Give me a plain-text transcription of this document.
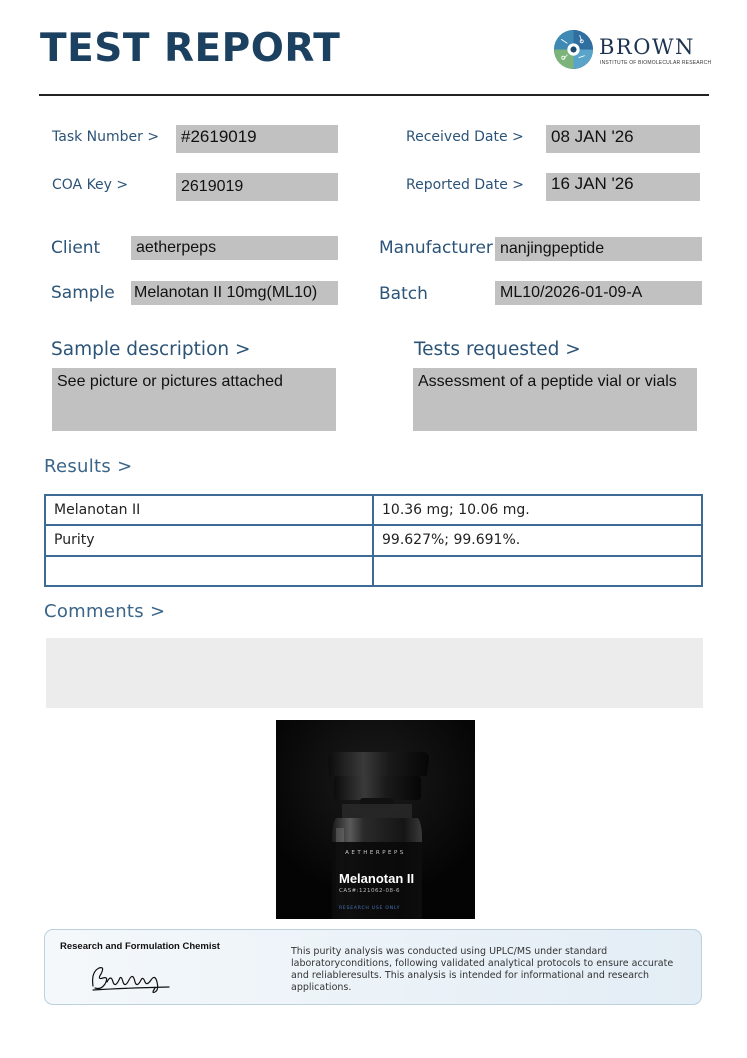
TEST REPORT	BROWN
INSTITUTE OF BIOMOLECULAR RESEARCH
Task Number > #2619019	Received Date > 08 JAN '26
COA Key >	2619019	Reported Date > 16 JAN '26
Client	aetherpeps	Manufacturer nanjingpeptide
Sample Melanotan II 10mg(ML10)	Batch	ML10/2026-01-09-A
Sample description >
See picture or pictures attached
Tests requested >
Assessment of a peptide vial or vials
Results >
Melanotan II	10.36 mg; 10.06 mg.
Purity	99.627%; 99.691%.

Comments >
AETHERPEPS
Melanotan II
CAS#:121062-08-6
RESEARCH USE ONLY
Research and Formulation Chemist	This purity analysis was conducted using UPLC/MS under standard laboratoryconditions, following validated analytical protocols to ensure accurate and reliableresults. This analysis is intended for informational and research applications.
